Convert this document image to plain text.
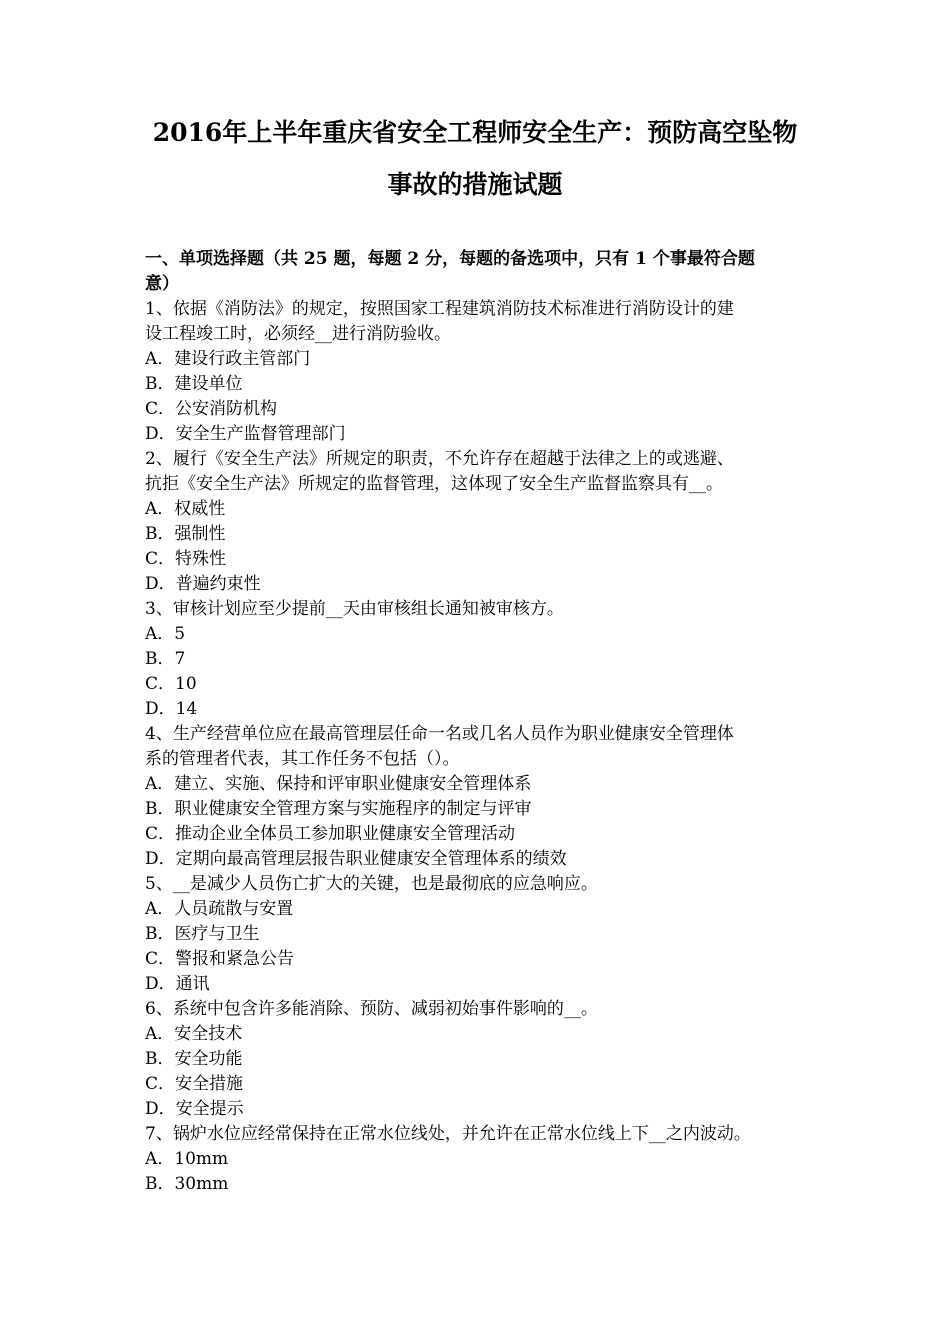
2016年上半年重庆省安全工程师安全生产：预防高空坠物
事故的措施试题
一、单项选择题（共 25 题，每题 2 分，每题的备选项中，只有 1 个事最符合题
意）
1、依据《消防法》的规定，按照国家工程建筑消防技术标准进行消防设计的建
设工程竣工时，必须经__进行消防验收。
A．建设行政主管部门
B．建设单位
C．公安消防机构
D．安全生产监督管理部门
2、履行《安全生产法》所规定的职责，不允许存在超越于法律之上的或逃避、
抗拒《安全生产法》所规定的监督管理，这体现了安全生产监督监察具有__。
A．权威性
B．强制性
C．特殊性
D．普遍约束性
3、审核计划应至少提前__天由审核组长通知被审核方。
A．5
B．7
C．10
D．14
4、生产经营单位应在最高管理层任命一名或几名人员作为职业健康安全管理体
系的管理者代表，其工作任务不包括（）。
A．建立、实施、保持和评审职业健康安全管理体系
B．职业健康安全管理方案与实施程序的制定与评审
C．推动企业全体员工参加职业健康安全管理活动
D．定期向最高管理层报告职业健康安全管理体系的绩效
5、__是减少人员伤亡扩大的关键，也是最彻底的应急响应。
A．人员疏散与安置
B．医疗与卫生
C．警报和紧急公告
D．通讯
6、系统中包含许多能消除、预防、减弱初始事件影响的__。
A．安全技术
B．安全功能
C．安全措施
D．安全提示
7、锅炉水位应经常保持在正常水位线处，并允许在正常水位线上下__之内波动。
A．10mm
B．30mm
